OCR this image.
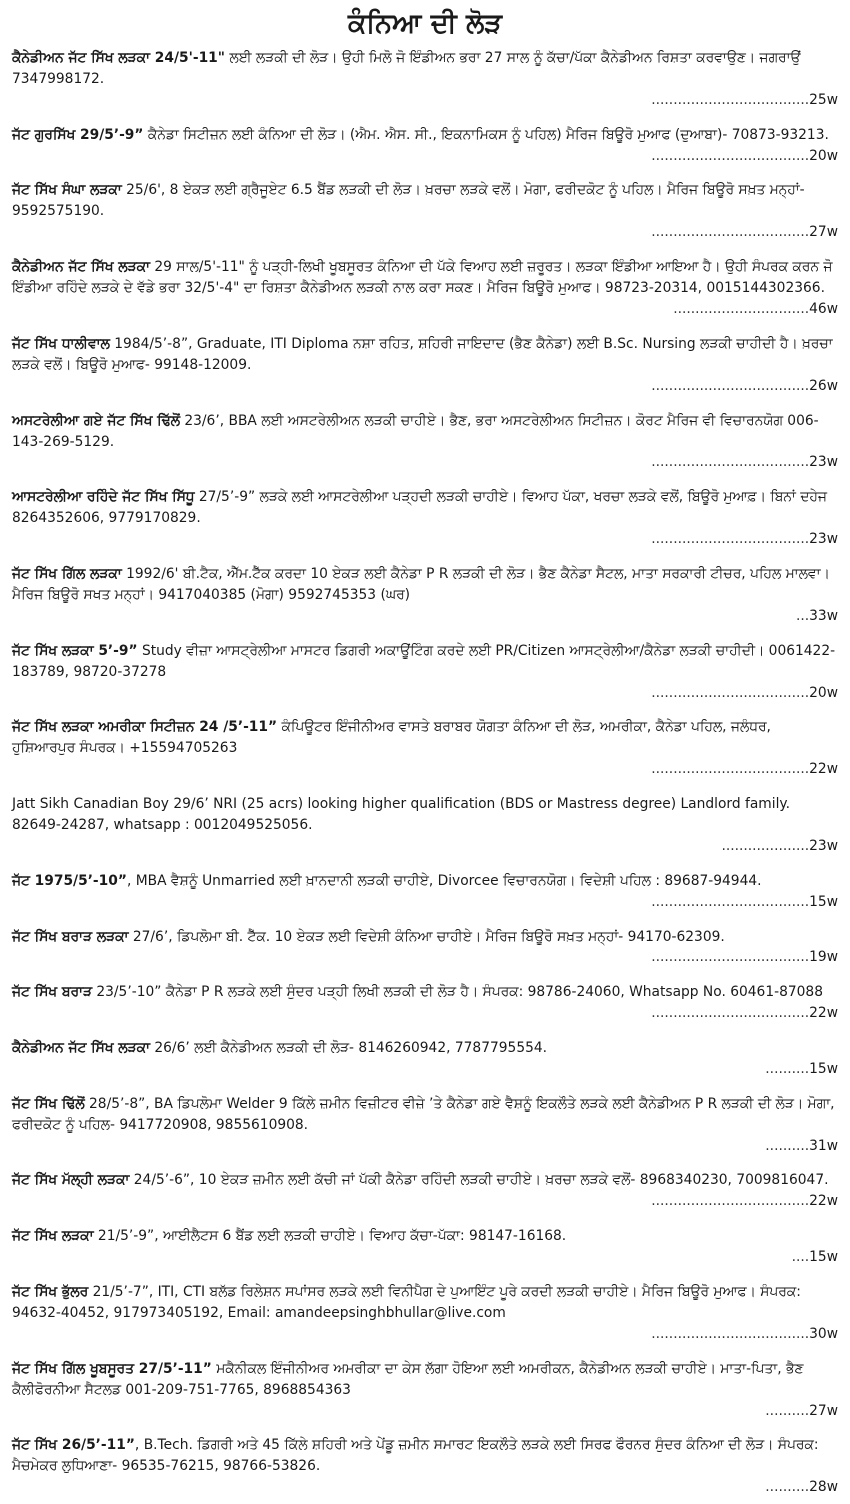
ਕੰਨਿਆ ਦੀ ਲੋੜ
ਕੈਨੇਡੀਅਨ ਜੱਟ ਸਿੱਖ ਲੜਕਾ 24/5'-11" ਲਈ ਲੜਕੀ ਦੀ ਲੋੜ। ਉਹੀ ਮਿਲੋ ਜੋ ਇੰਡੀਅਨ ਭਰਾ 27 ਸਾਲ ਨੂੰ ਕੱਚਾ/ਪੱਕਾ ਕੈਨੇਡੀਅਨ ਰਿਸ਼ਤਾ ਕਰਵਾਉਣ। ਜਗਰਾਉਂ 7347998172.
.................................... 25w
ਜੱਟ ਗੁਰਸਿੱਖ 29/5’-9” ਕੈਨੇਡਾ ਸਿਟੀਜ਼ਨ ਲਈ ਕੰਨਿਆ ਦੀ ਲੋੜ। (ਐਮ. ਐਸ. ਸੀ., ਇਕਨਾਮਿਕਸ ਨੂੰ ਪਹਿਲ) ਮੈਰਿਜ ਬਿਊਰੋ ਮੁਆਫ (ਦੁਆਬਾ)- 70873-93213.
.................................... 20w
ਜੱਟ ਸਿੱਖ ਸੰਘਾ ਲੜਕਾ 25/6', 8 ਏਕੜ ਲਈ ਗ੍ਰੈਜੂਏਟ 6.5 ਬੈਂਡ ਲੜਕੀ ਦੀ ਲੋੜ। ਖ਼ਰਚਾ ਲੜਕੇ ਵਲੋਂ। ਮੋਗਾ, ਫਰੀਦਕੋਟ ਨੂੰ ਪਹਿਲ। ਮੈਰਿਜ ਬਿਊਰੋ ਸਖ਼ਤ ਮਨ੍ਹਾਂ- 9592575190.
.................................... 27w
ਕੈਨੇਡੀਅਨ ਜੱਟ ਸਿੱਖ ਲੜਕਾ 29 ਸਾਲ/5'-11" ਨੂੰ ਪੜ੍ਹੀ-ਲਿਖੀ ਖੂਬਸੂਰਤ ਕੰਨਿਆ ਦੀ ਪੱਕੇ ਵਿਆਹ ਲਈ ਜ਼ਰੂਰਤ। ਲੜਕਾ ਇੰਡੀਆ ਆਇਆ ਹੈ। ਉਹੀ ਸੰਪਰਕ ਕਰਨ ਜੋ ਇੰਡੀਆ ਰਹਿੰਦੇ ਲੜਕੇ ਦੇ ਵੱਡੇ ਭਰਾ 32/5'-4" ਦਾ ਰਿਸ਼ਤਾ ਕੈਨੇਡੀਅਨ ਲੜਕੀ ਨਾਲ ਕਰਾ ਸਕਣ। ਮੈਰਿਜ ਬਿਊਰੋ ਮੁਆਫ। 98723-20314, 0015144302366.
............................... 46w
ਜੱਟ ਸਿੱਖ ਧਾਲੀਵਾਲ 1984/5’-8”, Graduate, ITI Diploma ਨਸ਼ਾ ਰਹਿਤ, ਸ਼ਹਿਰੀ ਜਾਇਦਾਦ (ਭੈਣ ਕੈਨੇਡਾ) ਲਈ B.Sc. Nursing ਲੜਕੀ ਚਾਹੀਦੀ ਹੈ। ਖ਼ਰਚਾ ਲੜਕੇ ਵਲੋਂ। ਬਿਊਰੋ ਮੁਆਫ- 99148-12009.
.................................... 26w
ਅਸਟਰੇਲੀਆ ਗਏ ਜੱਟ ਸਿੱਖ ਢਿੱਲੋਂ 23/6’, BBA ਲਈ ਅਸਟਰੇਲੀਅਨ ਲੜਕੀ ਚਾਹੀਏ। ਭੈਣ, ਭਰਾ ਅਸਟਰੇਲੀਅਨ ਸਿਟੀਜ਼ਨ। ਕੋਰਟ ਮੈਰਿਜ ਵੀ ਵਿਚਾਰਨਯੋਗ 006-143-269-5129.
.................................... 23w
ਆਸਟਰੇਲੀਆ ਰਹਿੰਦੇ ਜੱਟ ਸਿੱਖ ਸਿੱਧੂ 27/5’-9” ਲੜਕੇ ਲਈ ਆਸਟਰੇਲੀਆ ਪੜ੍ਹਦੀ ਲੜਕੀ ਚਾਹੀਏ। ਵਿਆਹ ਪੱਕਾ, ਖਰਚਾ ਲੜਕੇ ਵਲੋਂ, ਬਿਊਰੋ ਮੁਆਫ਼। ਬਿਨਾਂ ਦਹੇਜ 8264352606, 9779170829.
.................................... 23w
ਜੱਟ ਸਿੱਖ ਗਿੱਲ ਲੜਕਾ 1992/6' ਬੀ.ਟੈਕ, ਐੱਮ.ਟੈੱਕ ਕਰਦਾ 10 ਏਕੜ ਲਈ ਕੈਨੇਡਾ P R ਲੜਕੀ ਦੀ ਲੋੜ। ਭੈਣ ਕੈਨੇਡਾ ਸੈਟਲ, ਮਾਤਾ ਸਰਕਾਰੀ ਟੀਚਰ, ਪਹਿਲ ਮਾਲਵਾ। ਮੈਰਿਜ ਬਿਊਰੋ ਸਖਤ ਮਨ੍ਹਾਂ। 9417040385 (ਮੋਗਾ) 9592745353 (ਘਰ)
... 33w
ਜੱਟ ਸਿੱਖ ਲੜਕਾ 5’-9” Study ਵੀਜ਼ਾ ਆਸਟ੍ਰੇਲੀਆ ਮਾਸਟਰ ਡਿਗਰੀ ਅਕਾਊਂਟਿੰਗ ਕਰਦੇ ਲਈ PR/Citizen ਆਸਟ੍ਰੇਲੀਆ/ਕੈਨੇਡਾ ਲੜਕੀ ਚਾਹੀਦੀ। 0061422-183789, 98720-37278
.................................... 20w
ਜੱਟ ਸਿੱਖ ਲੜਕਾ ਅਮਰੀਕਾ ਸਿਟੀਜ਼ਨ 24 /5’-11” ਕੰਪਿਊਟਰ ਇੰਜੀਨੀਅਰ ਵਾਸਤੇ ਬਰਾਬਰ ਯੋਗਤਾ ਕੰਨਿਆ ਦੀ ਲੋੜ, ਅਮਰੀਕਾ, ਕੈਨੇਡਾ ਪਹਿਲ, ਜਲੰਧਰ, ਹੁਸ਼ਿਆਰਪੁਰ ਸੰਪਰਕ। +15594705263
.................................... 22w
Jatt Sikh Canadian Boy 29/6’ NRI (25 acrs) looking higher qualification (BDS or Mastress degree) Landlord family. 82649-24287, whatsapp : 0012049525056.
.................... 23w
ਜੱਟ 1975/5’-10”, MBA ਵੈਸ਼ਨੂੰ Unmarried ਲਈ ਖ਼ਾਨਦਾਨੀ ਲੜਕੀ ਚਾਹੀਏ, Divorcee ਵਿਚਾਰਨਯੋਗ। ਵਿਦੇਸ਼ੀ ਪਹਿਲ : 89687-94944.
.................................... 15w
ਜੱਟ ਸਿੱਖ ਬਰਾੜ ਲੜਕਾ 27/6’, ਡਿਪਲੋਮਾ ਬੀ. ਟੈੱਕ. 10 ਏਕੜ ਲਈ ਵਿਦੇਸ਼ੀ ਕੰਨਿਆ ਚਾਹੀਏ। ਮੈਰਿਜ ਬਿਊਰੋ ਸਖ਼ਤ ਮਨ੍ਹਾਂ- 94170-62309.
.................................... 19w
ਜੱਟ ਸਿੱਖ ਬਰਾੜ 23/5’-10” ਕੈਨੇਡਾ P R ਲੜਕੇ ਲਈ ਸੁੰਦਰ ਪੜ੍ਹੀ ਲਿਖੀ ਲੜਕੀ ਦੀ ਲੋੜ ਹੈ। ਸੰਪਰਕ: 98786-24060, Whatsapp No. 60461-87088
.................................... 22w
ਕੈਨੇਡੀਅਨ ਜੱਟ ਸਿੱਖ ਲੜਕਾ 26/6’ ਲਈ ਕੈਨੇਡੀਅਨ ਲੜਕੀ ਦੀ ਲੋੜ- 8146260942, 7787795554.
.......... 15w
ਜੱਟ ਸਿੱਖ ਢਿੱਲੋਂ 28/5’-8”, BA ਡਿਪਲੋਮਾ Welder 9 ਕਿੱਲੇ ਜ਼ਮੀਨ ਵਿਜ਼ੀਟਰ ਵੀਜ਼ੇ ’ਤੇ ਕੈਨੇਡਾ ਗਏ ਵੈਸ਼ਨੂੰ ਇਕਲੌਤੇ ਲੜਕੇ ਲਈ ਕੈਨੇਡੀਅਨ P R ਲੜਕੀ ਦੀ ਲੋੜ। ਮੋਗਾ, ਫਰੀਦਕੋਟ ਨੂੰ ਪਹਿਲ- 9417720908, 9855610908.
.......... 31w
ਜੱਟ ਸਿੱਖ ਮੱਲ੍ਹੀ ਲੜਕਾ 24/5’-6”, 10 ਏਕੜ ਜ਼ਮੀਨ ਲਈ ਕੱਚੀ ਜਾਂ ਪੱਕੀ ਕੈਨੇਡਾ ਰਹਿੰਦੀ ਲੜਕੀ ਚਾਹੀਏ। ਖ਼ਰਚਾ ਲੜਕੇ ਵਲੋਂ- 8968340230, 7009816047.
.................................... 22w
ਜੱਟ ਸਿੱਖ ਲੜਕਾ 21/5’-9”, ਆਈਲੈਟਸ 6 ਬੈਂਡ ਲਈ ਲੜਕੀ ਚਾਹੀਏ। ਵਿਆਹ ਕੱਚਾ-ਪੱਕਾ: 98147-16168.
.... 15w
ਜੱਟ ਸਿੱਖ ਭੁੱਲਰ 21/5’-7”, ITI, CTI ਬਲੱਡ ਰਿਲੇਸ਼ਨ ਸਪਾਂਸਰ ਲੜਕੇ ਲਈ ਵਿਨੀਪੈਗ ਦੇ ਪੁਆਇੰਟ ਪੂਰੇ ਕਰਦੀ ਲੜਕੀ ਚਾਹੀਏ। ਮੈਰਿਜ ਬਿਊਰੋ ਮੁਆਫ। ਸੰਪਰਕ: 94632-40452, 917973405192, Email: amandeepsinghbhullar@live.com
.................................... 30w
ਜੱਟ ਸਿੱਖ ਗਿੱਲ ਖੂਬਸੂਰਤ 27/5’-11” ਮਕੈਨੀਕਲ ਇੰਜੀਨੀਅਰ ਅਮਰੀਕਾ ਦਾ ਕੇਸ ਲੱਗਾ ਹੋਇਆ ਲਈ ਅਮਰੀਕਨ, ਕੈਨੇਡੀਅਨ ਲੜਕੀ ਚਾਹੀਏ। ਮਾਤਾ-ਪਿਤਾ, ਭੈਣ ਕੈਲੀਫੋਰਨੀਆ ਸੈਟਲਡ 001-209-751-7765, 8968854363
.......... 27w
ਜੱਟ ਸਿੱਖ 26/5’-11”, B.Tech. ਡਿਗਰੀ ਅਤੇ 45 ਕਿੱਲੇ ਸ਼ਹਿਰੀ ਅਤੇ ਪੇਂਡੂ ਜ਼ਮੀਨ ਸਮਾਰਟ ਇਕਲੌਤੇ ਲੜਕੇ ਲਈ ਸਿਰਫ ਫੌਰਨਰ ਸੁੰਦਰ ਕੰਨਿਆ ਦੀ ਲੋੜ। ਸੰਪਰਕ: ਮੈਚਮੇਕਰ ਲੁਧਿਆਣਾ- 96535-76215, 98766-53826.
.......... 28w
